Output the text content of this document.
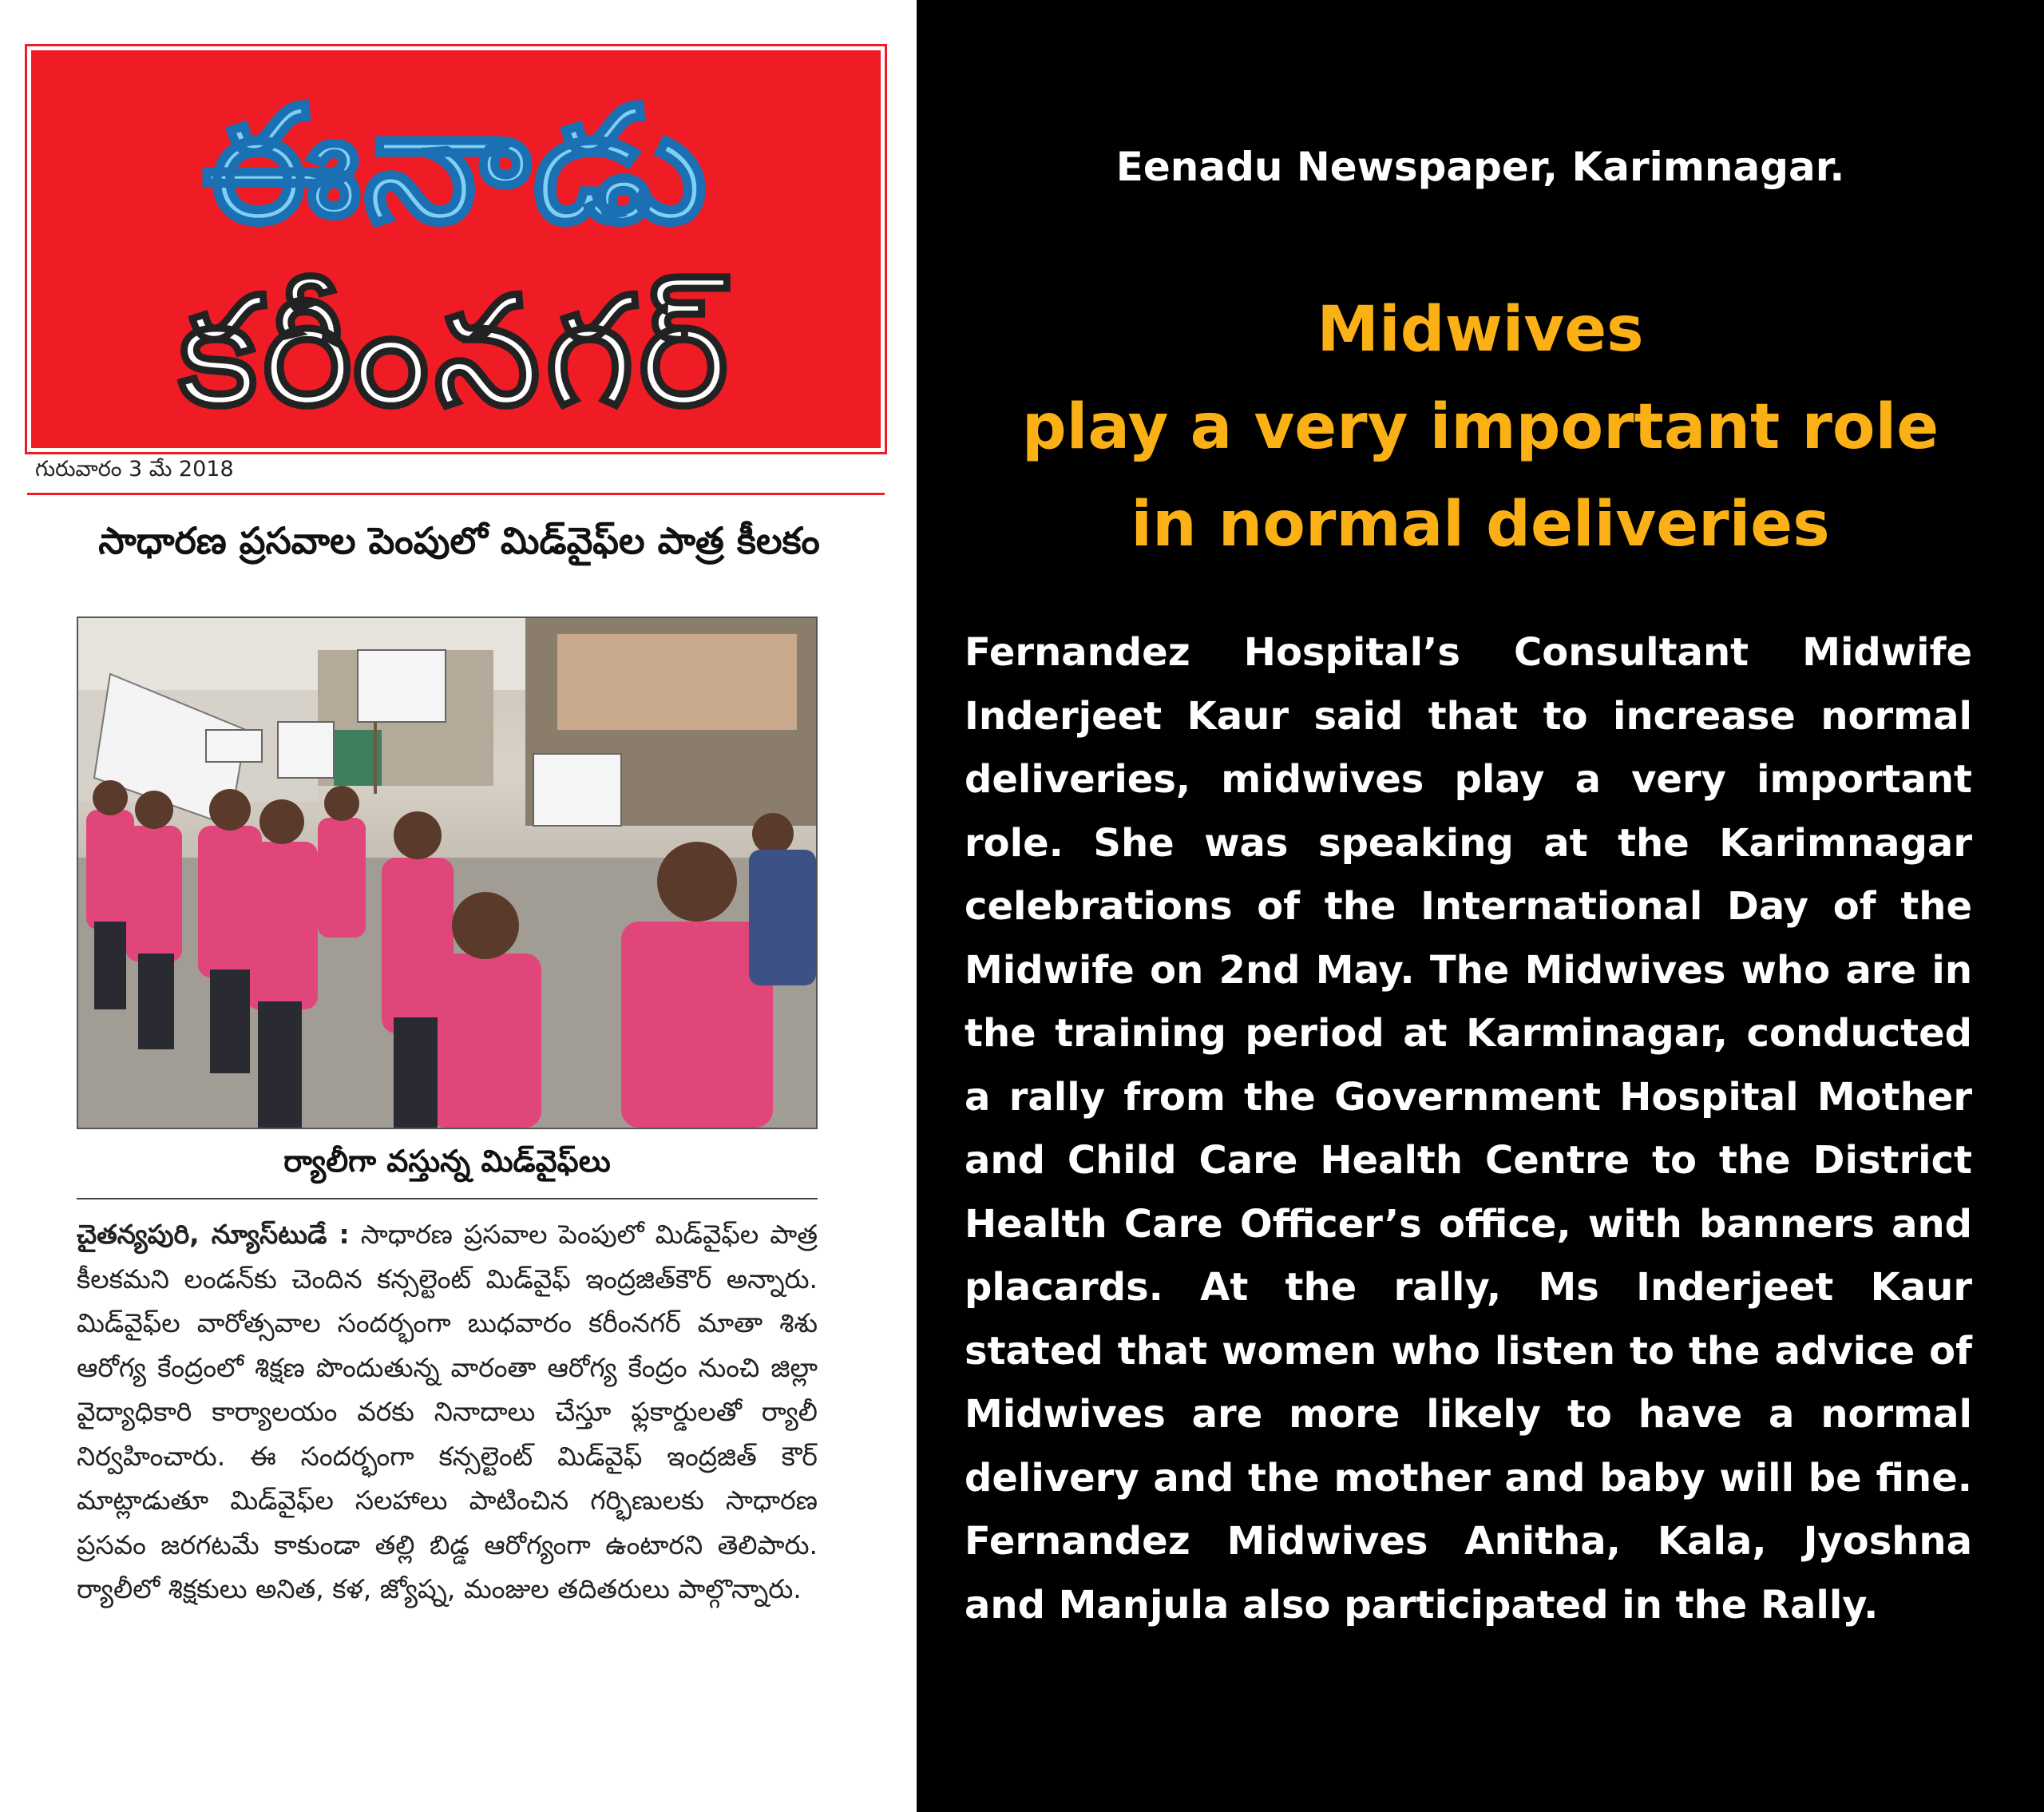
ఈనాడు
కరీంనగర్
గురువారం 3 మే 2018
సాధారణ ప్రసవాల పెంపులో మిడ్‌వైఫ్‌ల పాత్ర కీలకం
ర్యాలీగా వస్తున్న మిడ్‌వైఫ్‌లు
చైతన్యపురి, న్యూస్‌టుడే : సాధారణ ప్రసవాల పెంపులో మిడ్‌వైఫ్‌ల పాత్ర కీలకమని లండన్‌కు చెందిన కన్సల్టెంట్ మిడ్‌వైఫ్ ఇంద్రజిత్‌కౌర్ అన్నారు. మిడ్‌వైఫ్‌ల వారోత్సవాల సందర్భంగా బుధవారం కరీంనగర్ మాతా శిశు ఆరోగ్య కేంద్రంలో శిక్షణ పొందుతున్న వారంతా ఆరోగ్య కేంద్రం నుంచి జిల్లా వైద్యాధికారి కార్యాలయం వరకు నినాదాలు చేస్తూ ఫ్లకార్డులతో ర్యాలీ నిర్వహించారు. ఈ సందర్భంగా కన్సల్టెంట్ మిడ్‌వైఫ్ ఇంద్రజిత్ కౌర్ మాట్లాడుతూ మిడ్‌వైఫ్‌ల సలహాలు పాటించిన గర్భిణులకు సాధారణ ప్రసవం జరగటమే కాకుండా తల్లి బిడ్డ ఆరోగ్యంగా ఉంటారని తెలిపారు. ర్యాలీలో శిక్షకులు అనిత, కళ, జ్యోష్న, మంజుల తదితరులు పాల్గొన్నారు.
Eenadu Newspaper, Karimnagar.
Midwives
play a very important role
in normal deliveries
Fernandez Hospital’s Consultant Midwife Inderjeet Kaur said that to increase normal deliveries, midwives play a very important role. She was speaking at the Karimnagar celebrations of the International Day of the Midwife on 2nd May. The Midwives who are in the training period at Karminagar, conducted a rally from the Government Hospital Mother and Child Care Health Centre to the District Health Care Officer’s office, with banners and placards. At the rally, Ms Inderjeet Kaur stated that women who listen to the advice of Midwives are more likely to have a normal delivery and the mother and baby will be fine. Fernandez Midwives Anitha, Kala, Jyoshna and Manjula also participated in the Rally.
